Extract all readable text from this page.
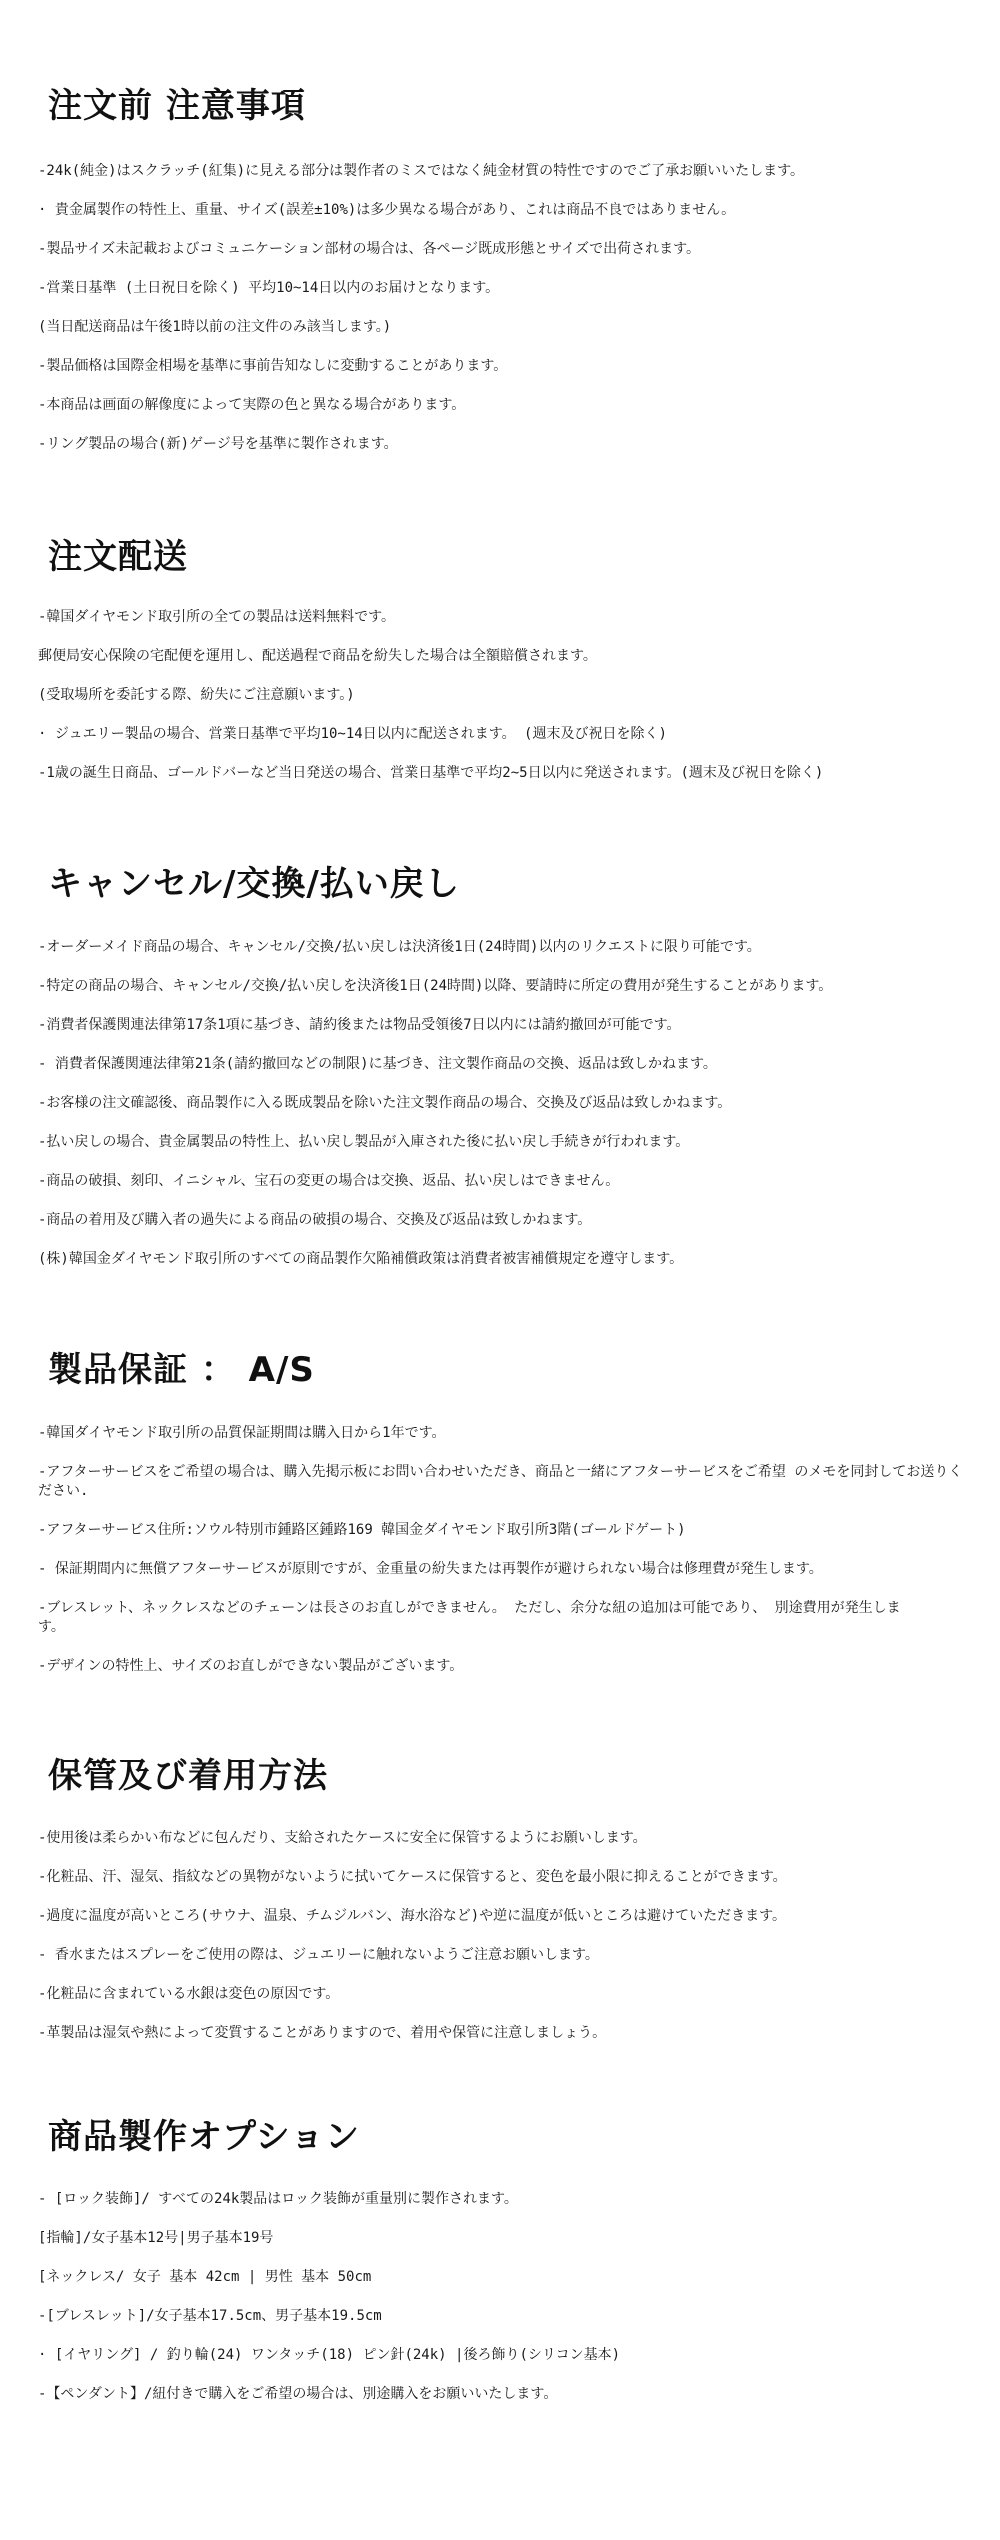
注文前 注意事項

-24k(純金)はスクラッチ(紅集)に見える部分は製作者のミスではなく純金材質の特性ですのでご了承お願いいたします。

· 貴金属製作の特性上、重量、サイズ(誤差±10%)は多少異なる場合があり、これは商品不良ではありません。

-製品サイズ未記載およびコミュニケーション部材の場合は、各ページ既成形態とサイズで出荷されます。

-営業日基準 (土日祝日を除く) 平均10~14日以内のお届けとなります。

(当日配送商品は午後1時以前の注文件のみ該当します。)

-製品価格は国際金相場を基準に事前告知なしに変動することがあります。

-本商品は画面の解像度によって実際の色と異なる場合があります。

-リング製品の場合(新)ゲージ号を基準に製作されます。

注文配送

-韓国ダイヤモンド取引所の全ての製品は送料無料です。

郵便局安心保険の宅配便を運用し、配送過程で商品を紛失した場合は全額賠償されます。

(受取場所を委託する際、紛失にご注意願います。)

· ジュエリー製品の場合、営業日基準で平均10~14日以内に配送されます。 (週末及び祝日を除く)

-1歳の誕生日商品、ゴールドバーなど当日発送の場合、営業日基準で平均2~5日以内に発送されます。(週末及び祝日を除く)

キャンセル/交換/払い戻し

-オーダーメイド商品の場合、キャンセル/交換/払い戻しは決済後1日(24時間)以内のリクエストに限り可能です。

-特定の商品の場合、キャンセル/交換/払い戻しを決済後1日(24時間)以降、要請時に所定の費用が発生することがあります。

-消費者保護関連法律第17条1項に基づき、請約後または物品受領後7日以内には請約撤回が可能です。

- 消費者保護関連法律第21条(請約撤回などの制限)に基づき、注文製作商品の交換、返品は致しかねます。

-お客様の注文確認後、商品製作に入る既成製品を除いた注文製作商品の場合、交換及び返品は致しかねます。

-払い戻しの場合、貴金属製品の特性上、払い戻し製品が入庫された後に払い戻し手続きが行われます。

-商品の破損、刻印、イニシャル、宝石の変更の場合は交換、返品、払い戻しはできません。

-商品の着用及び購入者の過失による商品の破損の場合、交換及び返品は致しかねます。

(株)韓国金ダイヤモンド取引所のすべての商品製作欠陥補償政策は消費者被害補償規定を遵守します。

製品保証 ： A/S

-韓国ダイヤモンド取引所の品質保証期間は購入日から1年です。

-アフターサービスをご希望の場合は、購入先掲示板にお問い合わせいただき、商品と一緒にアフターサービスをご希望 のメモを同封してお送りください.

-アフターサービス住所:ソウル特別市鍾路区鍾路169 韓国金ダイヤモンド取引所3階(ゴールドゲート)

- 保証期間内に無償アフターサービスが原則ですが、金重量の紛失または再製作が避けられない場合は修理費が発生します。

-ブレスレット、ネックレスなどのチェーンは長さのお直しができません。 ただし、余分な紐の追加は可能であり、 別途費用が発生します。

-デザインの特性上、サイズのお直しができない製品がございます。

保管及び着用方法

-使用後は柔らかい布などに包んだり、支給されたケースに安全に保管するようにお願いします。

-化粧品、汗、湿気、指紋などの異物がないように拭いてケースに保管すると、変色を最小限に抑えることができます。

-過度に温度が高いところ(サウナ、温泉、チムジルバン、海水浴など)や逆に温度が低いところは避けていただきます。

- 香水またはスプレーをご使用の際は、ジュエリーに触れないようご注意お願いします。

-化粧品に含まれている水銀は変色の原因です。

-革製品は湿気や熱によって変質することがありますので、着用や保管に注意しましょう。

商品製作オプション

- [ロック装飾]/ すべての24k製品はロック装飾が重量別に製作されます。

[指輪]/女子基本12号|男子基本19号

[ネックレス/ 女子 基本 42cm | 男性 基本 50cm

-[ブレスレット]/女子基本17.5cm、男子基本19.5cm

· [イヤリング] / 釣り輪(24) ワンタッチ(18) ピン針(24k) |後ろ飾り(シリコン基本)

-【ペンダント】/紐付きで購入をご希望の場合は、別途購入をお願いいたします。
